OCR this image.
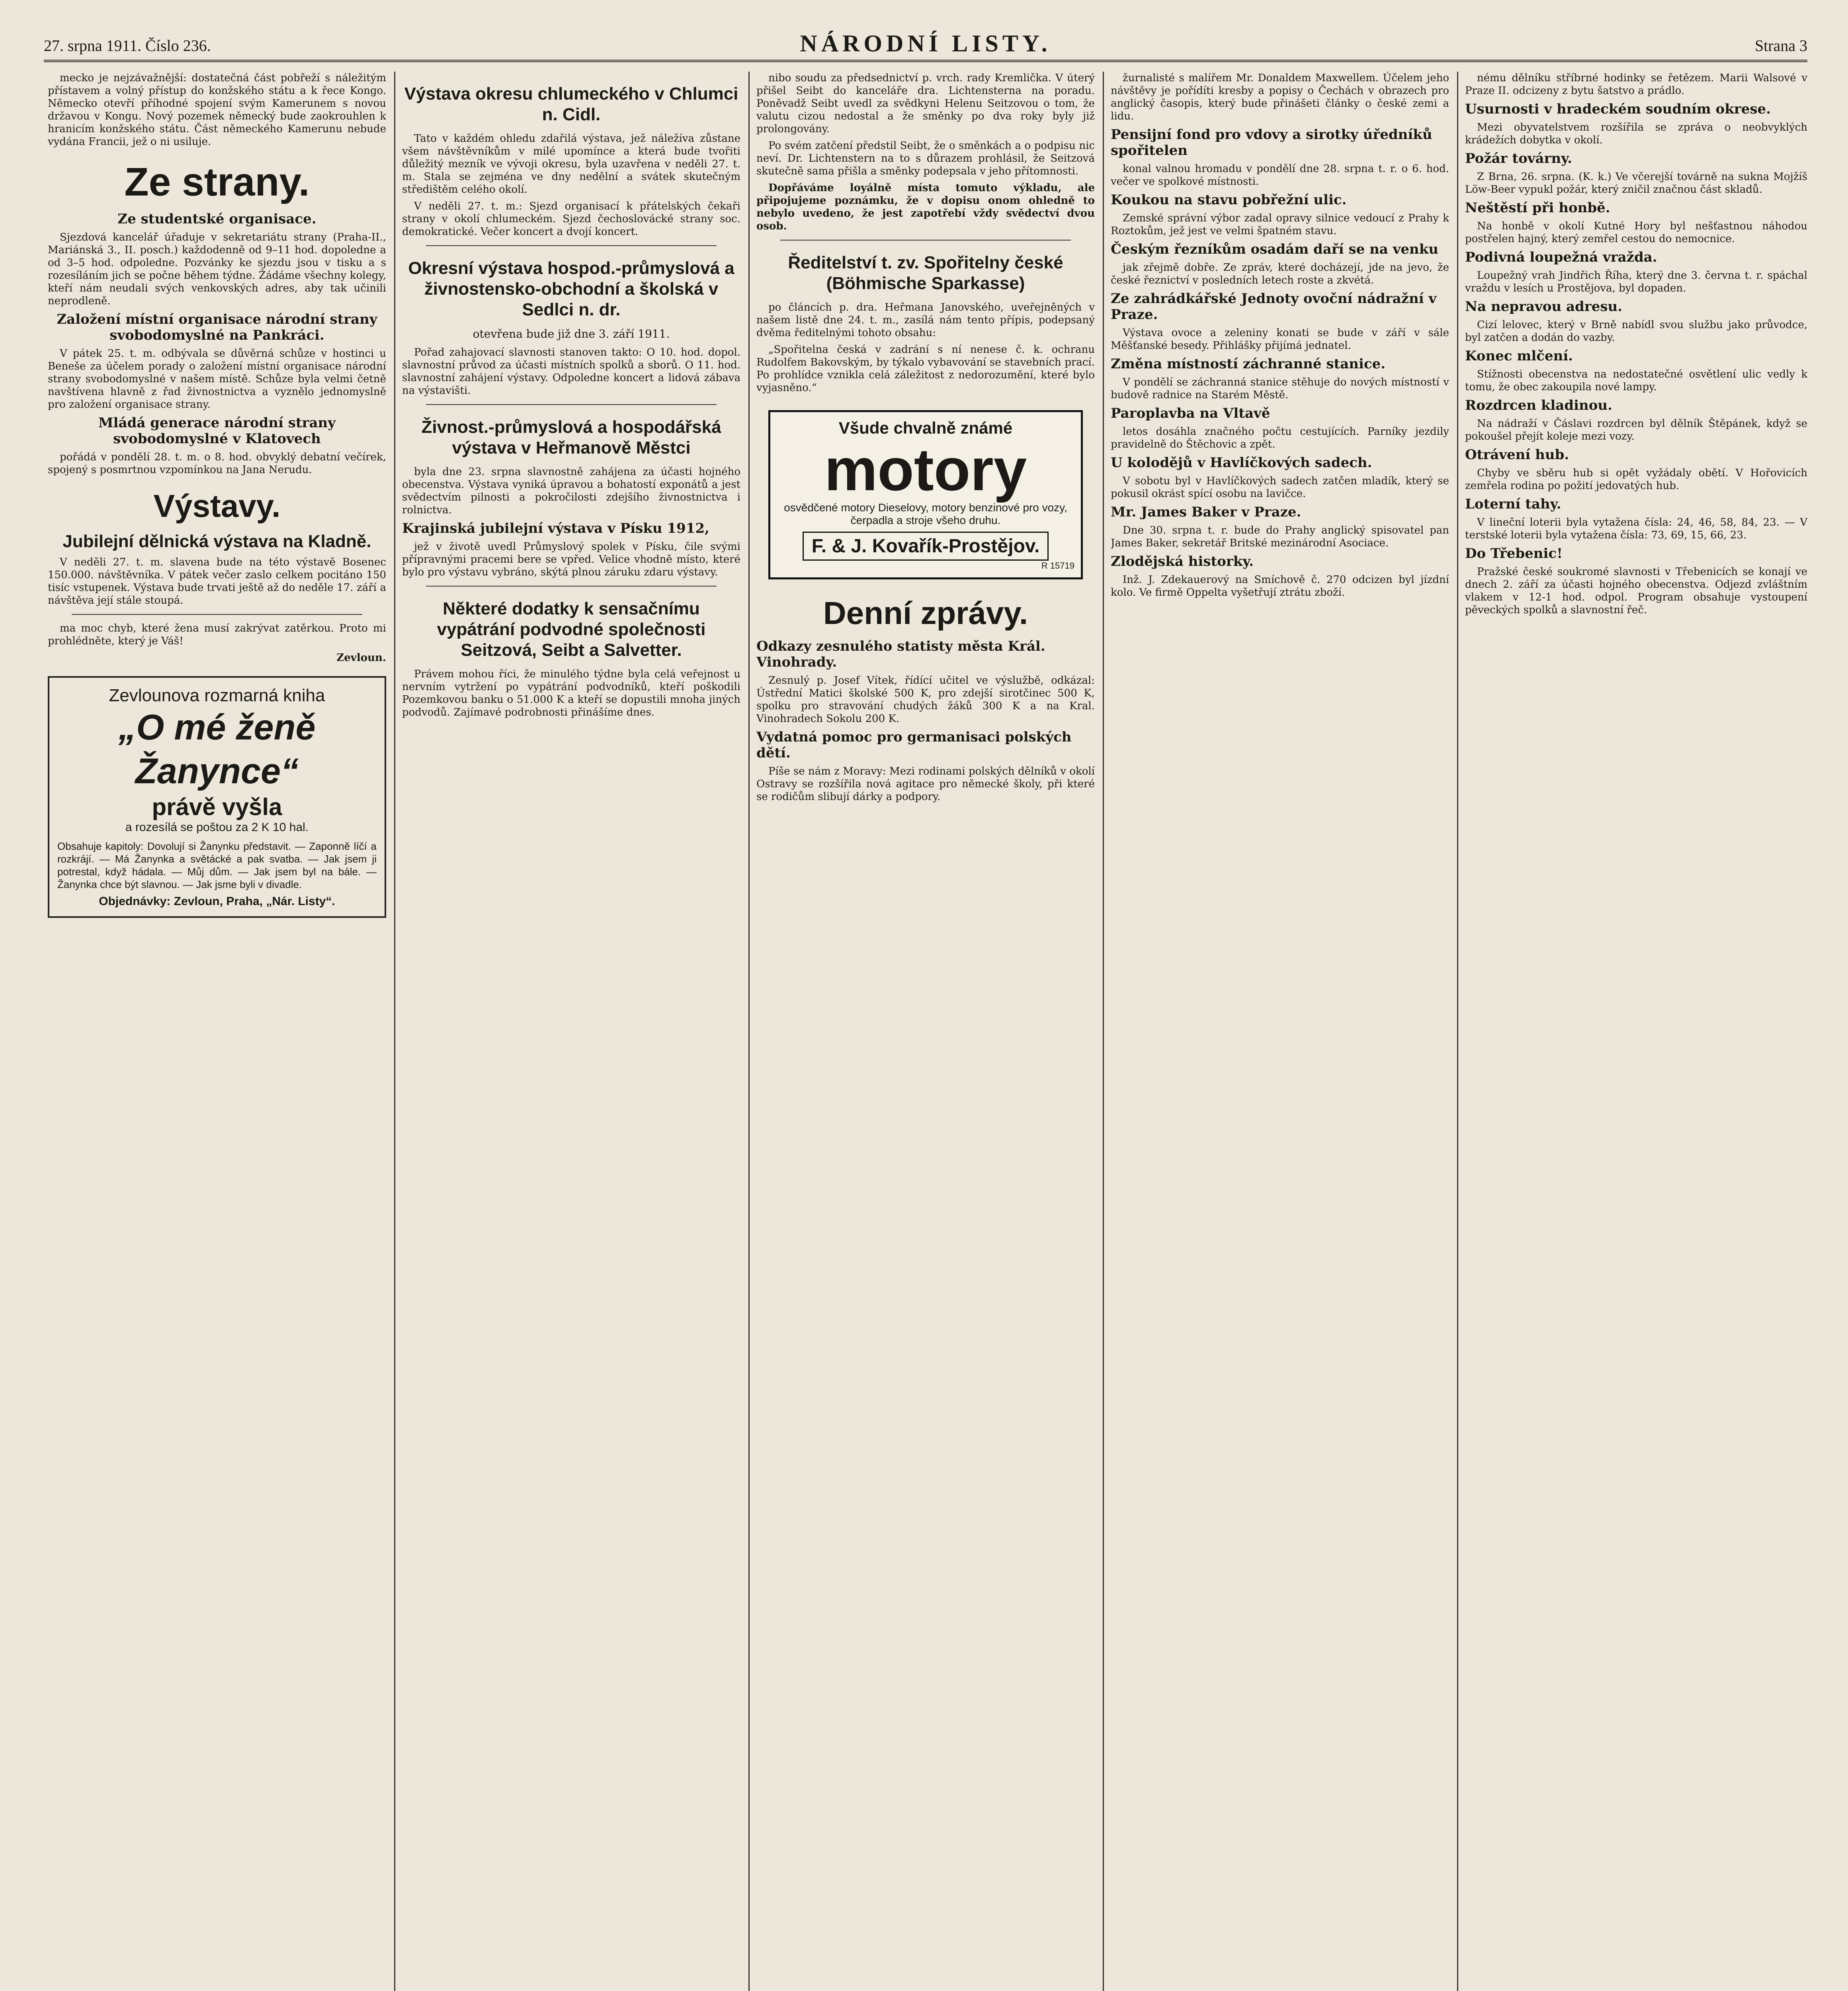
27. srpna 1911. Číslo 236.	NÁRODNÍ LISTY.	Strana 3

mecko je nejzávažnější: dostatečná část pobřeží s náležitým přístavem a volný přístup do konžského státu a k řece Kongo. Německo otevří příhodné spojení svým Kamerunem s novou državou v Kongu. Nový pozemek německý bude zaokrouhlen k hranicím konžského státu. Část německého Kamerunu nebude vydána Francii, jež o ni usiluje.

Ze strany.
Ze studentské organisace.

Sjezdová kancelář úřaduje v sekretariátu strany (Praha-II., Mariánská 3., II. posch.) každodenně od 9–11 hod. dopoledne a od 3–5 hod. odpoledne. Pozvánky ke sjezdu jsou v tisku a s rozesíláním jich se počne během týdne. Žádáme všechny kolegy, kteří nám neudali svých venkovských adres, aby tak učinili neprodleně.

Založení místní organisace národní strany svobodomyslné na Pankráci.

V pátek 25. t. m. odbývala se důvěrná schůze v hostinci u Beneše za účelem porady o založení místní organisace národní strany svobodomyslné v našem místě. Schůze byla velmi četně navštívena hlavně z řad živnostnictva a vyznělo jednomyslně pro založení organisace strany.

Mládá generace národní strany svobodomyslné v Klatovech

pořádá v pondělí 28. t. m. o 8. hod. obvyklý debatní večírek, spojený s posmrtnou vzpomínkou na Jana Nerudu.

Výstavy.
Jubilejní dělnická výstava na Kladně.

V neděli 27. t. m. slavena bude na této výstavě Bosenec 150.000. návštěvníka. V pátek večer zaslo celkem pocitáno 150 tisíc vstupenek. Výstava bude trvati ještě až do neděle 17. září a návštěva její stále stoupá.

ma moc chyb, které žena musí zakrývat zatěrkou. Proto mi prohlédněte, který je Váš!

Zevloun.

Zevlounova rozmarná kniha
„O mé ženě Žanynce“
právě vyšla
a rozesílá se poštou za 2 K 10 hal.

Obsahuje kapitoly: Dovolují si Žanynku představit. — Zaponně líčí a rozkrájí. — Má Žanynka a světácké a pak svatba. — Jak jsem ji potrestal, když hádala. — Můj dům. — Jak jsem byl na bále. — Žanynka chce být slavnou. — Jak jsme byli v divadle.

Objednávky: Zevloun, Praha, „Nár. Listy“.
Výstava okresu chlumeckého v Chlumci n. Cidl.

Tato v každém ohledu zdařilá výstava, jež náležíva zůstane všem návštěvníkům v milé upomínce a která bude tvořiti důležitý mezník ve vývoji okresu, byla uzavřena v neděli 27. t. m. Stala se zejména ve dny nedělní a svátek skutečným středištěm celého okolí.

V neděli 27. t. m.: Sjezd organisací k přátelských čekaři strany v okolí chlumeckém. Sjezd čechoslovácké strany soc. demokratické. Večer koncert a dvojí koncert.

Okresní výstava hospod.-průmyslová a živnostensko-obchodní a školská v Sedlci n. dr.
otevřena bude již dne 3. září 1911.

Pořad zahajovací slavnosti stanoven takto: O 10. hod. dopol. slavnostní průvod za účasti místních spolků a sborů. O 11. hod. slavnostní zahájení výstavy. Odpoledne koncert a lidová zábava na výstavišti.

Živnost.-průmyslová a hospodářská výstava v Heřmanově Městci

byla dne 23. srpna slavnostně zahájena za účasti hojného obecenstva. Výstava vyniká úpravou a bohatostí exponátů a jest svědectvím pilnosti a pokročilosti zdejšího živnostnictva i rolnictva.

Krajinská jubilejní výstava v Písku 1912,

jež v životě uvedl Průmyslový spolek v Písku, čile svými přípravnými pracemi bere se vpřed. Velice vhodně místo, které bylo pro výstavu vybráno, skýtá plnou záruku zdaru výstavy.

Některé dodatky k sensačnímu vypátrání podvodné společnosti Seitzová, Seibt a Salvetter.

Právem mohou říci, že minulého týdne byla celá veřejnost u nervním vytržení po vypátrání podvodníků, kteří poškodili Pozemkovou banku o 51.000 K a kteří se dopustili mnoha jiných podvodů. Zajímavé podrobnosti přinášíme dnes.

nibo soudu za předsednictví p. vrch. rady Kremlička. V úterý přišel Seibt do kanceláře dra. Lichtensterna na poradu. Poněvadž Seibt uvedl za svědkyni Helenu Seitzovou o tom, že valutu cizou nedostal a že směnky po dva roky byly již prolongovány.

Po svém zatčení předstil Seibt, že o směnkách a o podpisu nic neví. Dr. Lichtenstern na to s důrazem prohlásil, že Seitzová skutečně sama přišla a směnky podepsala v jeho přítomnosti.

Dopřáváme loyálně místa tomuto výkladu, ale připojujeme poznámku, že v dopisu onom ohledně to nebylo uvedeno, že jest zapotřebí vždy svědectví dvou osob.

Ředitelství t. zv. Spořitelny české (Böhmische Sparkasse)

po článcích p. dra. Heřmana Janovského, uveřejněných v našem listě dne 24. t. m., zasílá nám tento přípis, podepsaný dvěma ředitelnými tohoto obsahu:

„Spořitelna česká v zadrání s ní nenese č. k. ochranu Rudolfem Bakovským, by týkalo vybavování se stavebních prací. Po prohlídce vznikla celá záležitost z nedorozumění, které bylo vyjasněno.“

Všude chvalně známé
motory
osvědčené motory Dieselovy, motory benzinové pro vozy, čerpadla a stroje všeho druhu.
F. & J. Kovařík-Prostějov.
R 15719
Denní zprávy.
Odkazy zesnulého statisty města Král. Vinohrady.

Zesnulý p. Josef Vítek, řídící učitel ve výslužbě, odkázal: Ústřední Matici školské 500 K, pro zdejší sirotčinec 500 K, spolku pro stravování chudých žáků 300 K a na Kral. Vinohradech Sokolu 200 K.

Vydatná pomoc pro germanisaci polských dětí.

Píše se nám z Moravy: Mezi rodinami polských dělníků v okolí Ostravy se rozšířila nová agitace pro německé školy, při které se rodičům slibují dárky a podpory.

žurnalisté s malířem Mr. Donaldem Maxwellem. Účelem jeho návštěvy je pořídíti kresby a popisy o Čechách v obrazech pro anglický časopis, který bude přinášeti články o české zemi a lidu.

Pensijní fond pro vdovy a sirotky úředníků spořitelen

konal valnou hromadu v pondělí dne 28. srpna t. r. o 6. hod. večer ve spolkové místnosti.

Koukou na stavu pobřežní ulic.

Zemské správní výbor zadal opravy silnice vedoucí z Prahy k Roztokům, jež jest ve velmi špatném stavu.

Českým řezníkům osadám daří se na venku

jak zřejmě dobře. Ze zpráv, které docházejí, jde na jevo, že české řeznictví v posledních letech roste a zkvétá.

Ze zahrádkářské Jednoty ovoční nádražní v Praze.

Výstava ovoce a zeleniny konati se bude v září v sále Měšťanské besedy. Přihlášky přijímá jednatel.

Změna místností záchranné stanice.

V pondělí se záchranná stanice stěhuje do nových místností v budově radnice na Starém Městě.

Paroplavba na Vltavě

letos dosáhla značného počtu cestujících. Parníky jezdily pravidelně do Štěchovic a zpět.

U kolodějů v Havlíčkových sadech.

V sobotu byl v Havlíčkových sadech zatčen mladík, který se pokusil okrást spící osobu na lavičce.

Mr. James Baker v Praze.

Dne 30. srpna t. r. bude do Prahy anglický spisovatel pan James Baker, sekretář Britské mezinárodní Asociace.

Zlodějská historky.

Inž. J. Zdekauerový na Smíchově č. 270 odcizen byl jízdní kolo. Ve firmě Oppelta vyšetřují ztrátu zboží.

nému dělníku stříbrné hodinky se řetězem. Marii Walsové v Praze II. odcizeny z bytu šatstvo a prádlo.

Usurnosti v hradeckém soudním okrese.

Mezi obyvatelstvem rozšířila se zpráva o neobvyklých krádežích dobytka v okolí.

Požár továrny.

Z Brna, 26. srpna. (K. k.) Ve včerejší továrně na sukna Mojžíš Löw-Beer vypukl požár, který zničil značnou část skladů.

Neštěstí při honbě.

Na honbě v okolí Kutné Hory byl nešťastnou náhodou postřelen hajný, který zemřel cestou do nemocnice.

Podivná loupežná vražda.

Loupežný vrah Jindřich Říha, který dne 3. června t. r. spáchal vraždu v lesích u Prostějova, byl dopaden.

Na nepravou adresu.

Cizí lelovec, který v Brně nabídl svou službu jako průvodce, byl zatčen a dodán do vazby.

Konec mlčení.

Stížnosti obecenstva na nedostatečné osvětlení ulic vedly k tomu, že obec zakoupila nové lampy.

Rozdrcen kladinou.

Na nádraží v Čáslavi rozdrcen byl dělník Štěpánek, když se pokoušel přejít koleje mezi vozy.

Otrávení hub.

Chyby ve sběru hub si opět vyžádaly obětí. V Hořovicích zemřela rodina po požití jedovatých hub.

Loterní tahy.

V lineční loterii byla vytažena čísla: 24, 46, 58, 84, 23. — V terstské loterii byla vytažena čísla: 73, 69, 15, 66, 23.

Do Třebenic!

Pražské české soukromé slavnosti v Třebenicích se konají ve dnech 2. září za účasti hojného obecenstva. Odjezd zvláštním vlakem v 12-1 hod. odpol. Program obsahuje vystoupení pěveckých spolků a slavnostní řeč.
